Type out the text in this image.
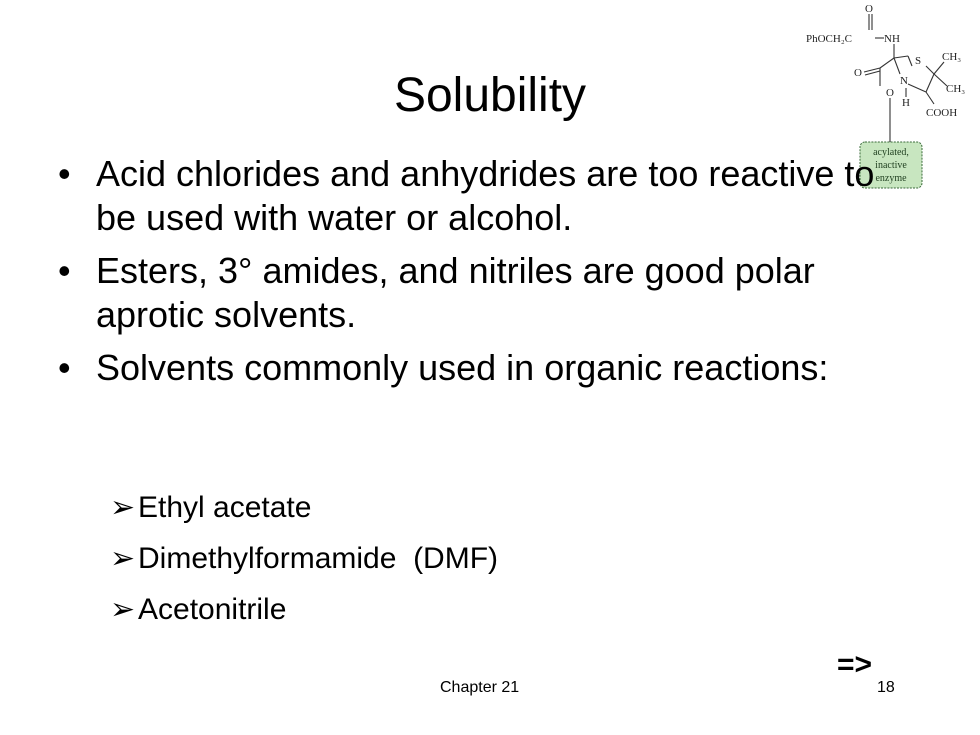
Solubility
O
PhOCH₂C	NH
S CH₃
CH₃
O
N
O
H
COOH
acylated,
inactive
enzyme
• Acid chlorides and anhydrides are too reactive to be used with water or alcohol.
• Esters, 3° amides, and nitriles are good polar aprotic solvents.
• Solvents commonly used in organic reactions:
➢Ethyl acetate
➢Dimethylformamide  (DMF)
➢Acetonitrile
Chapter 21
=>
18
